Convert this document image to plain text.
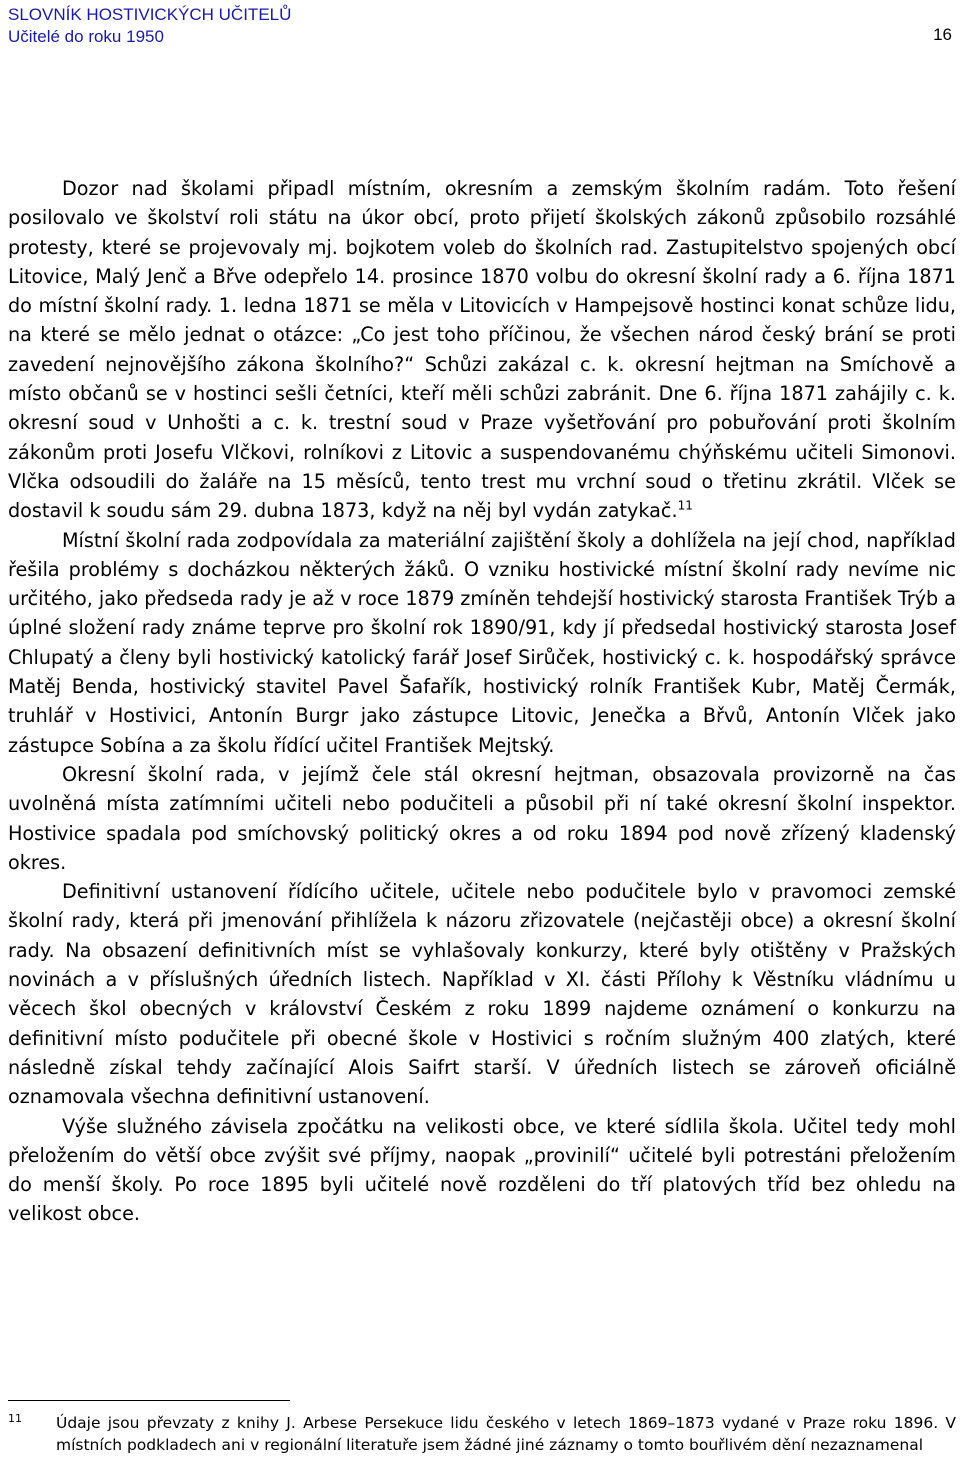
SLOVNÍK HOSTIVICKÝCH UČITELŮ
Učitelé do roku 1950	16

Dozor nad školami připadl místním, okresním a zemským školním radám. Toto řešení posilovalo ve školství roli státu na úkor obcí, proto přijetí školských zákonů způsobilo rozsáhlé protesty, které se projevovaly mj. bojkotem voleb do školních rad. Zastupitelstvo spojených obcí Litovice, Malý Jenč a Břve odepřelo 14. prosince 1870 volbu do okresní školní rady a 6. října 1871 do místní školní rady. 1. ledna 1871 se měla v Litovicích v Hampejsově hostinci konat schůze lidu, na které se mělo jednat o otázce: „Co jest toho příčinou, že všechen národ český brání se proti zavedení nejnovějšího zákona školního?“ Schůzi zakázal c. k. okresní hejtman na Smíchově a místo občanů se v hostinci sešli četníci, kteří měli schůzi zabránit. Dne 6. října 1871 zahájily c. k. okresní soud v Unhošti a c. k. trestní soud v Praze vyšetřování pro pobuřování proti školním zákonům proti Josefu Vlčkovi, rolníkovi z Litovic a suspendovanému chýňskému učiteli Simonovi. Vlčka odsoudili do žaláře na 15 měsíců, tento trest mu vrchní soud o třetinu zkrátil. Vlček se dostavil k soudu sám 29. dubna 1873, když na něj byl vydán zatykač.$^{11}$

Místní školní rada zodpovídala za materiální zajištění školy a dohlížela na její chod, například řešila problémy s docházkou některých žáků. O vzniku hostivické místní školní rady nevíme nic určitého, jako předseda rady je až v roce 1879 zmíněn tehdejší hostivický starosta František Trýb a úplné složení rady známe teprve pro školní rok 1890/91, kdy jí předsedal hostivický starosta Josef Chlupatý a členy byli hostivický katolický farář Josef Sirůček, hostivický c. k. hospodářský správce Matěj Benda, hostivický stavitel Pavel Šafařík, hostivický rolník František Kubr, Matěj Čermák, truhlář v Hostivici, Antonín Burgr jako zástupce Litovic, Jenečka a Břvů, Antonín Vlček jako zástupce Sobína a za školu řídící učitel František Mejtský.

Okresní školní rada, v jejímž čele stál okresní hejtman, obsazovala provizorně na čas uvolněná místa zatímními učiteli nebo podučiteli a působil při ní také okresní školní inspektor. Hostivice spadala pod smíchovský politický okres a od roku 1894 pod nově zřízený kladenský okres.

Definitivní ustanovení řídícího učitele, učitele nebo podučitele bylo v pravomoci zemské školní rady, která při jmenování přihlížela k názoru zřizovatele (nejčastěji obce) a okresní školní rady. Na obsazení definitivních míst se vyhlašovaly konkurzy, které byly otištěny v Pražských novinách a v příslušných úředních listech. Například v XI. části Přílohy k Věstníku vládnímu u věcech škol obecných v království Českém z roku 1899 najdeme oznámení o konkurzu na definitivní místo podučitele při obecné škole v Hostivici s ročním služným 400 zlatých, které následně získal tehdy začínající Alois Saifrt starší. V úředních listech se zároveň oficiálně oznamovala všechna definitivní ustanovení.

Výše služného závisela zpočátku na velikosti obce, ve které sídlila škola. Učitel tedy mohl přeložením do větší obce zvýšit své příjmy, naopak „provinilí“ učitelé byli potrestáni přeložením do menší školy. Po roce 1895 byli učitelé nově rozděleni do tří platových tříd bez ohledu na velikost obce.

11 Údaje jsou převzaty z knihy J. Arbese Persekuce lidu českého v letech 1869–1873 vydané v Praze roku 1896. V místních podkladech ani v regionální literatuře jsem žádné jiné záznamy o tomto bouřlivém dění nezaznamenal
